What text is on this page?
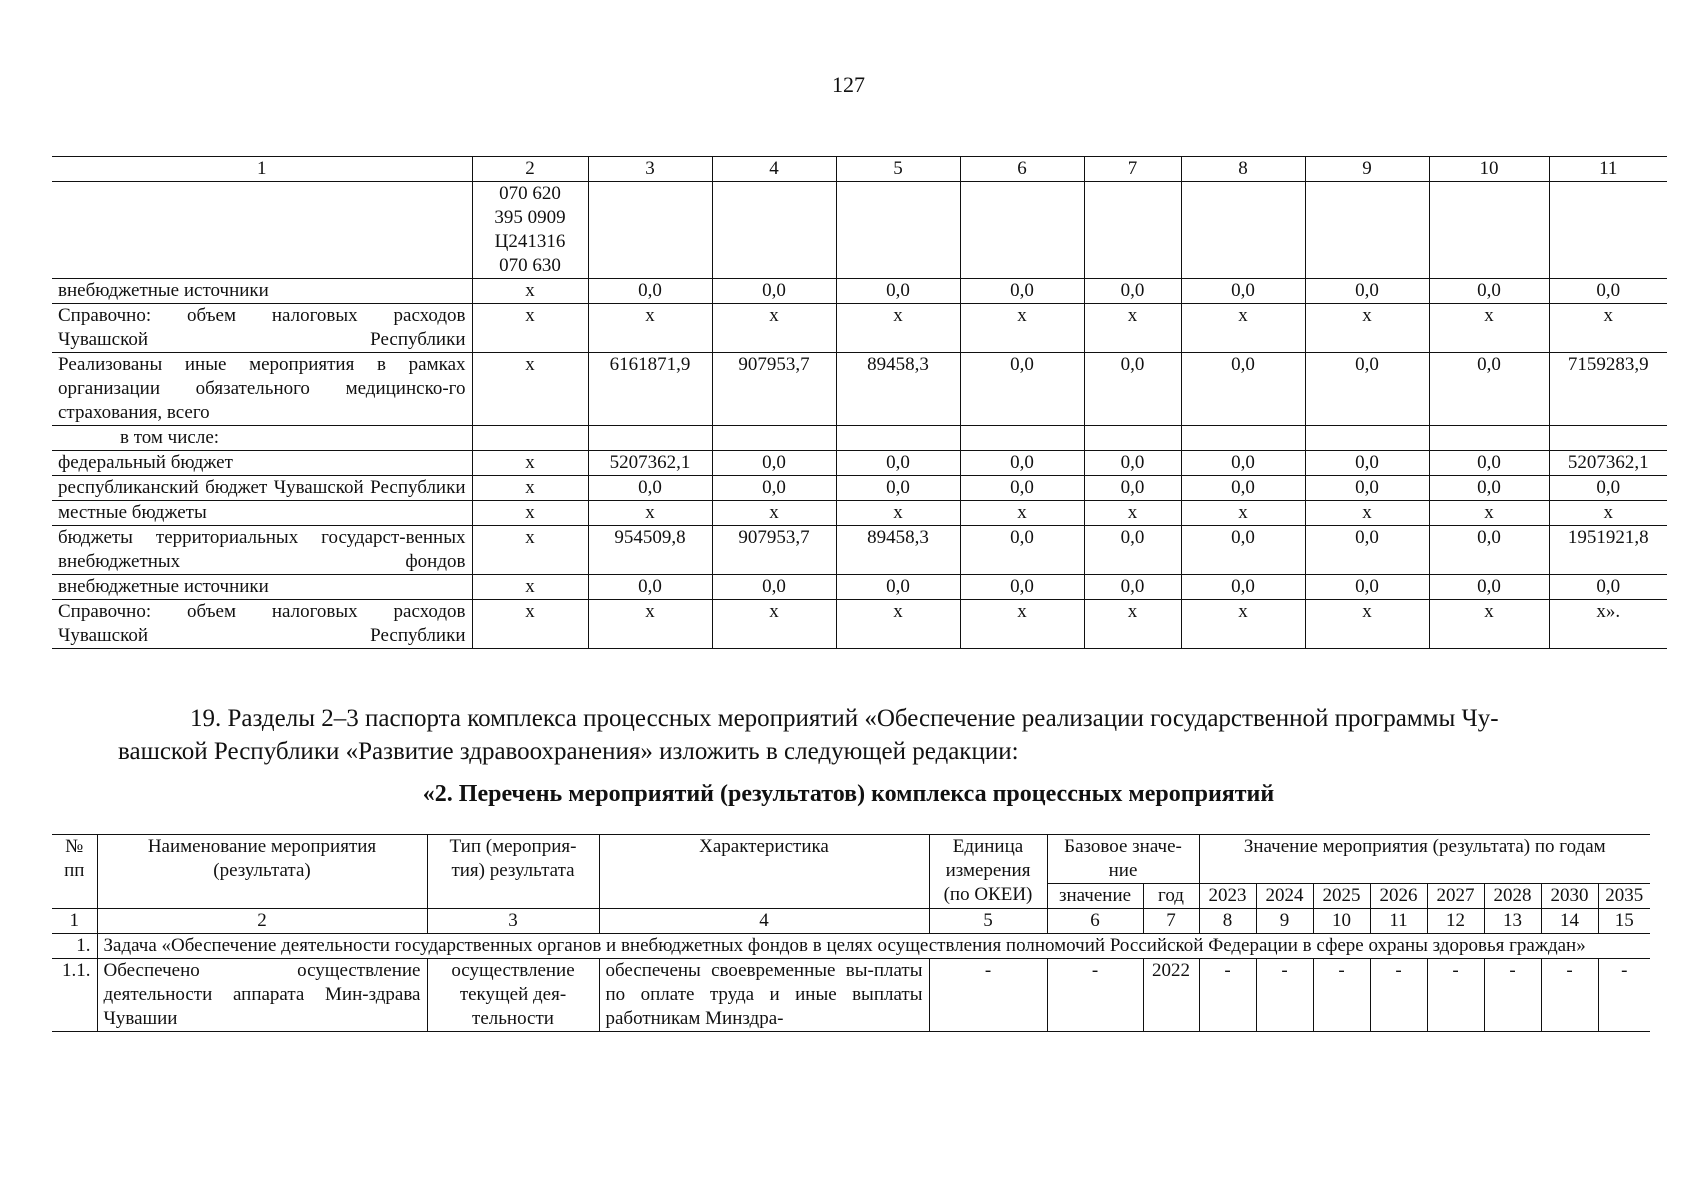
127
1	2	3	4	5	6	7	8	9	10	11

	070 620
395 0909
Ц241316
070 630									

внебюджетные источники	х	0,0	0,0	0,0	0,0	0,0	0,0	0,0	0,0	0,0
Справочно: объем налоговых расходов Чувашской Республики	х	х	х	х	х	х	х	х	х	х
Реализованы иные мероприятия в рамках организации обязательного медицинско-го страхования, всего	х	6161871,9	907953,7	89458,3	0,0	0,0	0,0	0,0	0,0	7159283,9
в том числе:										
федеральный бюджет	х	5207362,1	0,0	0,0	0,0	0,0	0,0	0,0	0,0	5207362,1
республиканский бюджет Чувашской Республики	х	0,0	0,0	0,0	0,0	0,0	0,0	0,0	0,0	0,0
местные бюджеты	х	х	х	х	х	х	х	х	х	х
бюджеты территориальных государст-венных внебюджетных фондов	х	954509,8	907953,7	89458,3	0,0	0,0	0,0	0,0	0,0	1951921,8
внебюджетные источники	х	0,0	0,0	0,0	0,0	0,0	0,0	0,0	0,0	0,0
Справочно: объем налоговых расходов Чувашской Республики	х	х	х	х	х	х	х	х	х	х».
19. Разделы 2–3 паспорта комплекса процессных мероприятий «Обеспечение реализации государственной программы Чу-
вашской Республики «Развитие здравоохранения» изложить в следующей редакции:
«2. Перечень мероприятий (результатов) комплекса процессных мероприятий
№ пп	Наименование мероприятия (результата)	Тип (мероприя-тия) результата	Характеристика	Единица измерения (по ОКЕИ)	Базовое значе-ние		Значение мероприятия (результата) по годам							

					значение	год	2023	2024	2025	2026	2027	2028	2030	2035
1	2	3	4	5	6	7	8	9	10	11	12	13	14	15
1.	Задача «Обеспечение деятельности государственных органов и внебюджетных фондов в целях осуществления полномочий Российской Федерации в сфере охраны здоровья граждан»													
1.1.	Обеспечено осуществление деятельности аппарата Мин-здрава Чувашии	осуществление текущей дея-тельности	обеспечены своевременные вы-платы по оплате труда и иные выплаты работникам Минздра-	-	-	2022	-	-	-	-	-	-	-	-
